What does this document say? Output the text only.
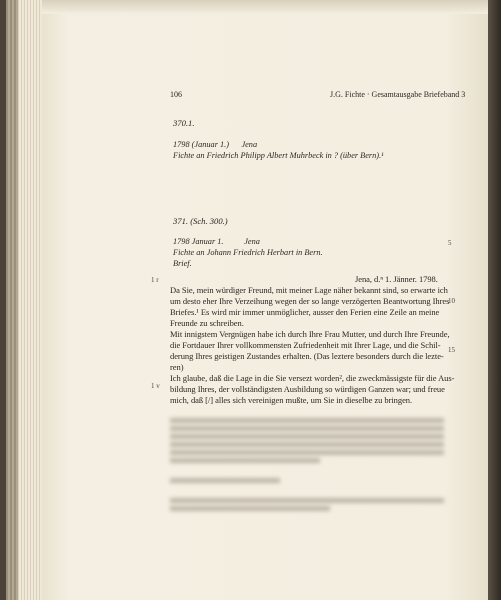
106	J.G. Fichte · Gesamtausgabe Briefeband 3
370.1.
1798 (Januar 1.)      Jena
Fichte an Friedrich Philipp Albert Muhrbeck in ? (über Bern).¹
371. (Sch. 300.)
1798 Januar 1.          Jena
Fichte an Johann Friedrich Herbart in Bern.
Brief.
5
10
15
1 r
1 v
Jena, d.ⁿ 1. Jänner. 1798.
Da Sie, mein würdiger Freund, mit meiner Lage näher bekannt sind, so erwarte ich
um desto eher Ihre Verzeihung wegen der so lange verzögerten Beantwortung Ihres
Briefes.¹ Es wird mir immer unmöglicher, ausser den Ferien eine Zeile an meine
Freunde zu schreiben.
Mit innigstem Vergnügen habe ich durch Ihre Frau Mutter, und durch Ihre Freunde,
die Fortdauer Ihrer vollkommensten Zufriedenheit mit Ihrer Lage, und die Schil-
derung Ihres geistigen Zustandes erhalten. (Das leztere besonders durch die lezte-
ren)
Ich glaube, daß die Lage in die Sie versezt worden², die zweckmässigste für die Aus-
bildung Ihres, der vollständigsten Ausbildung so würdigen Ganzen war; und freue
mich, daß [/] alles sich vereinigen mußte, um Sie in dieselbe zu bringen.
